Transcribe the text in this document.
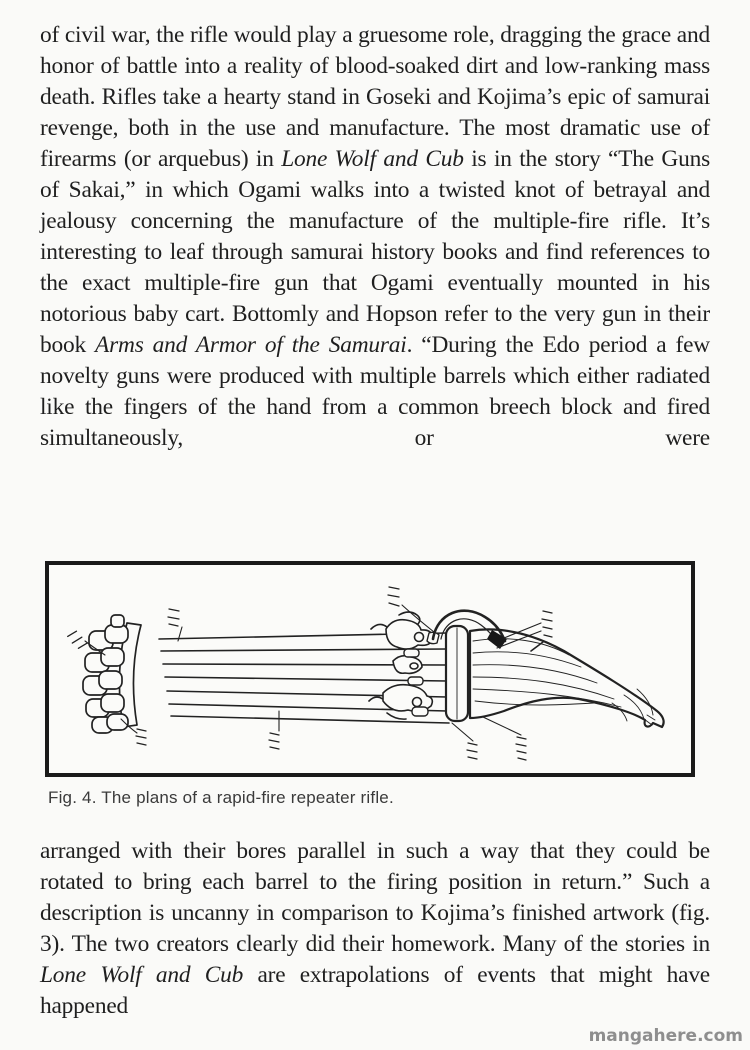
of civil war, the rifle would play a gruesome role, dragging the grace and honor of battle into a reality of blood-soaked dirt and low-ranking mass death. Rifles take a hearty stand in Goseki and Kojima’s epic of samurai revenge, both in the use and manufacture. The most dramatic use of firearms (or arquebus) in Lone Wolf and Cub is in the story “The Guns of Sakai,” in which Ogami walks into a twisted knot of betrayal and jealousy concerning the manufacture of the multiple-fire rifle. It’s interesting to leaf through samurai history books and find references to the exact multiple-fire gun that Ogami eventually mounted in his notorious baby cart. Bottomly and Hopson refer to the very gun in their book Arms and Armor of the Samurai. “During the Edo period a few novelty guns were produced with multiple barrels which either radiated like the fingers of the hand from a common breech block and fired simultaneously, or were

Fig. 4. The plans of a rapid-fire repeater rifle.

arranged with their bores parallel in such a way that they could be rotated to bring each barrel to the firing position in return.” Such a description is uncanny in comparison to Kojima’s finished artwork (fig. 3). The two creators clearly did their homework. Many of the stories in Lone Wolf and Cub are extrapolations of events that might have happened

mangahere.com
